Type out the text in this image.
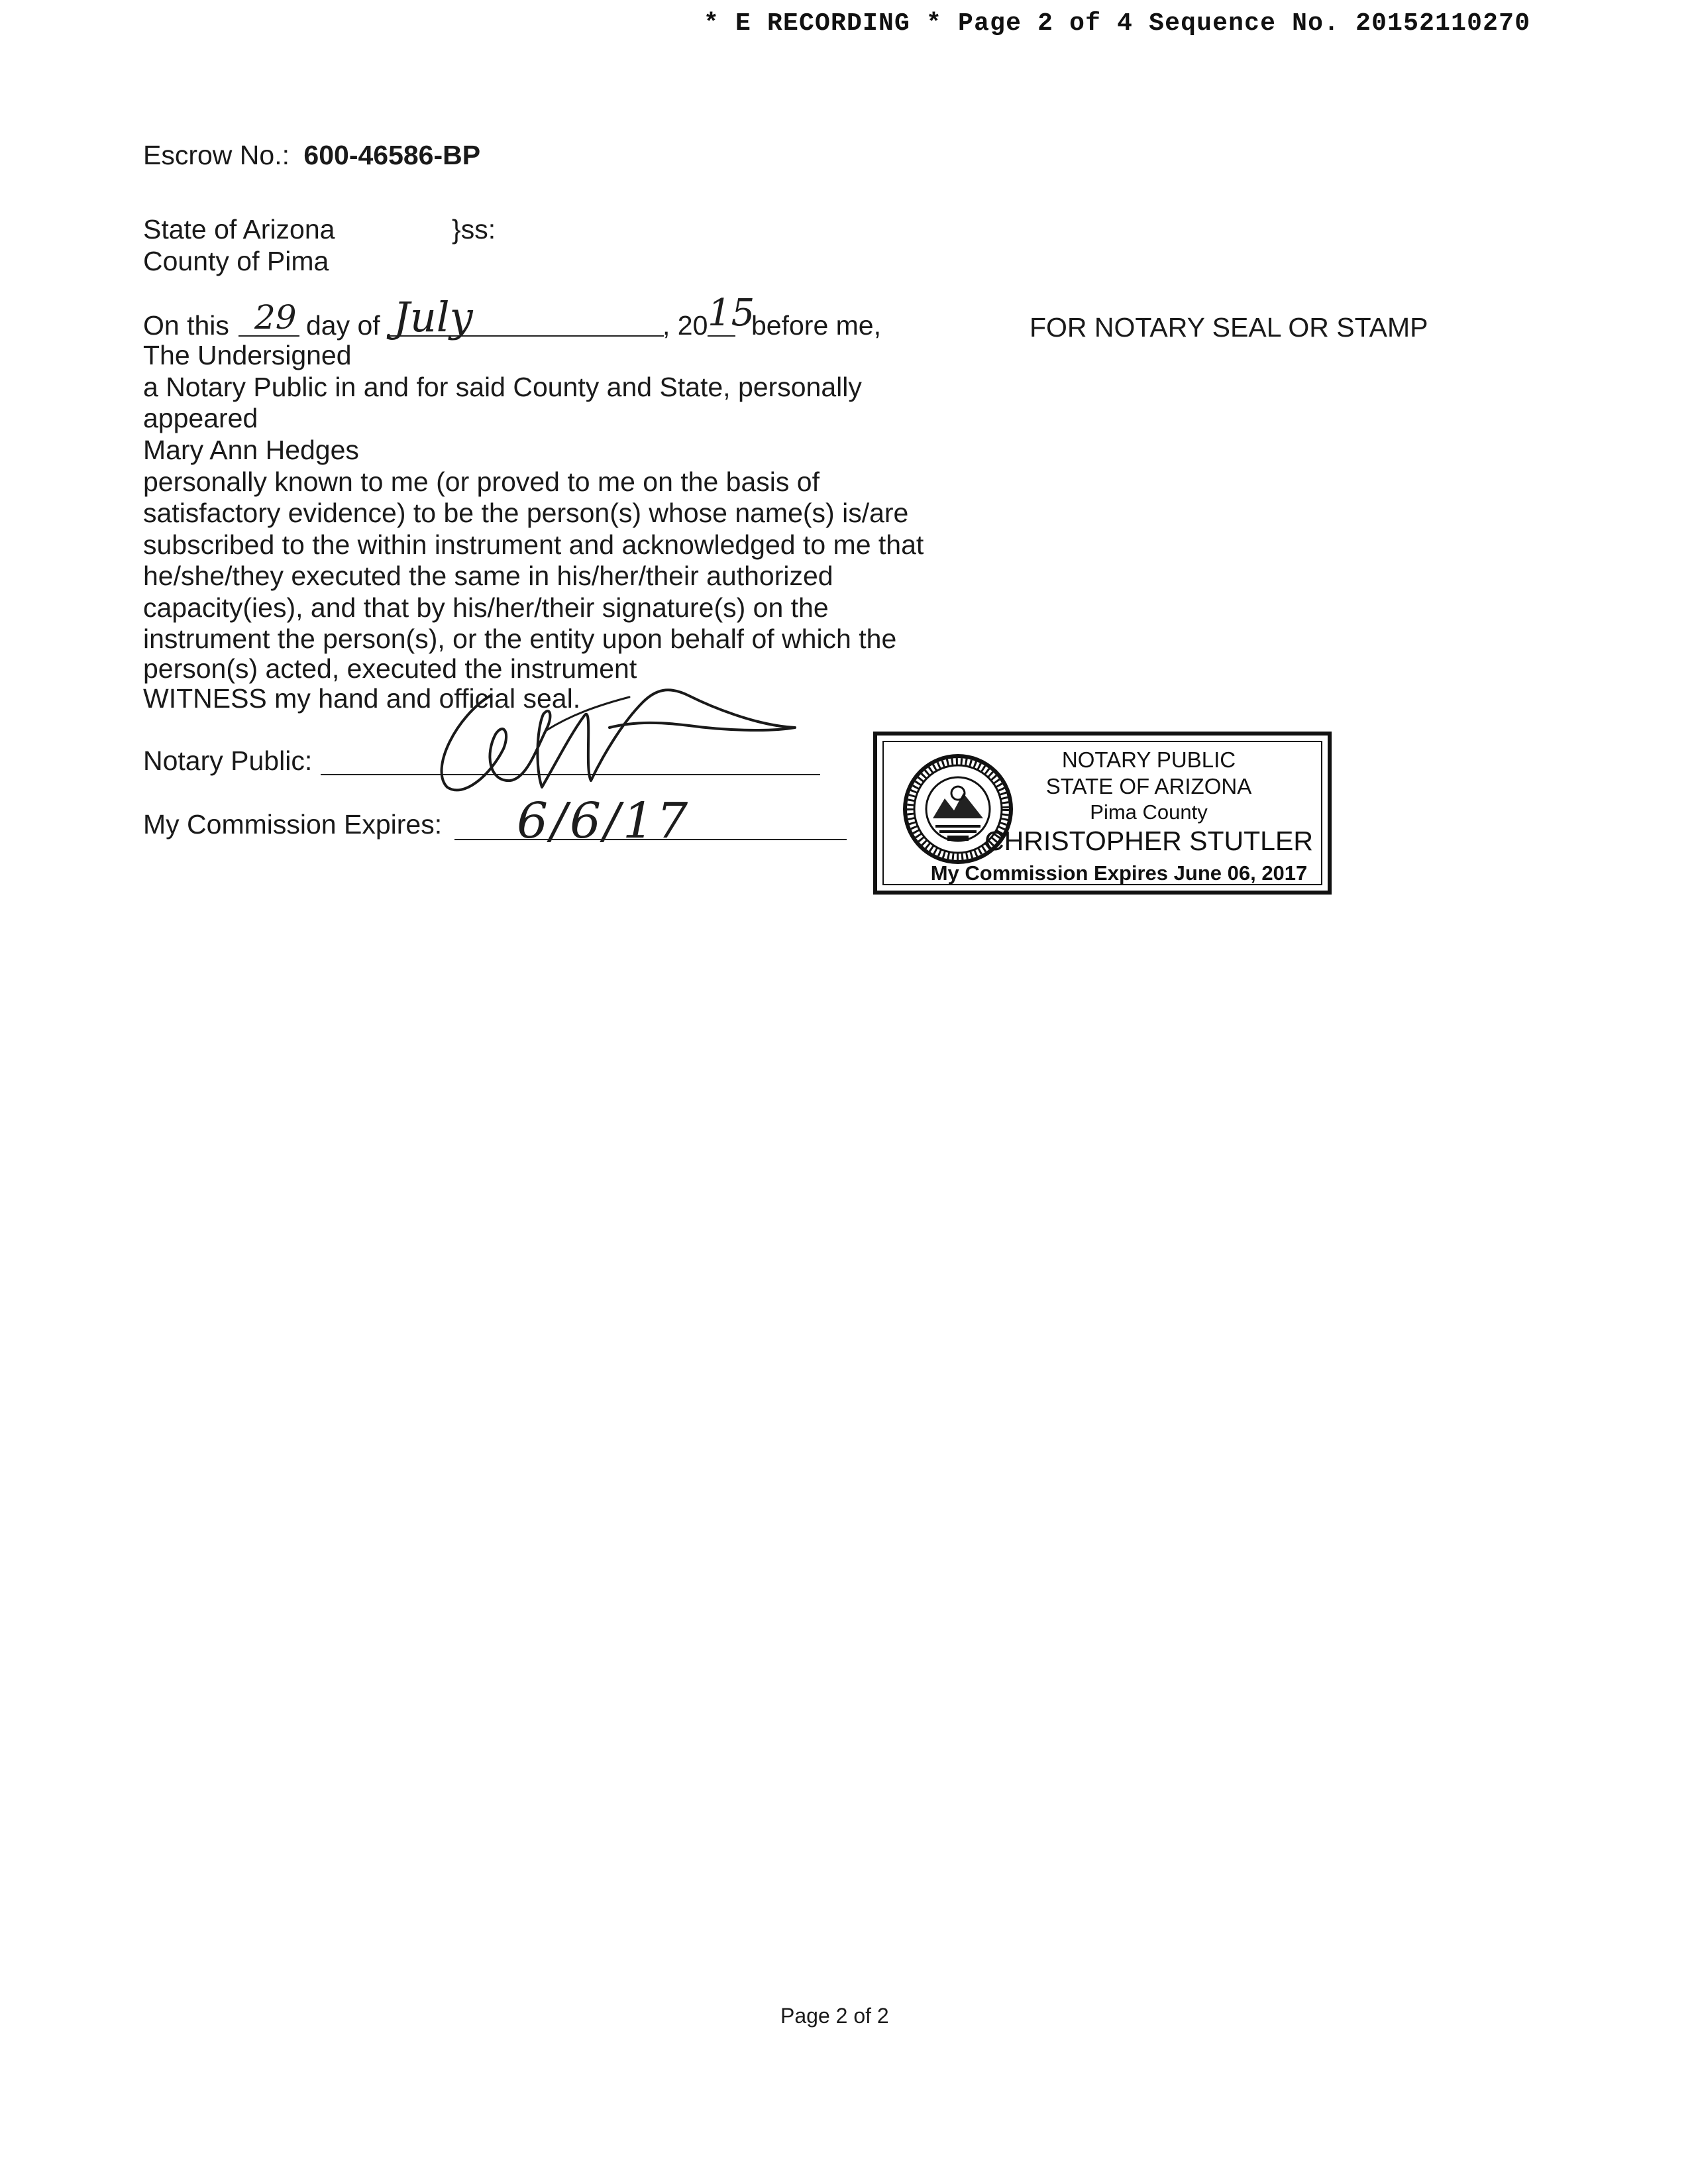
* E RECORDING * Page 2 of 4 Sequence No. 20152110270
Escrow No.: 600-46586-BP
State of Arizona	}ss:
County of Pima
On this 29 day of July	, 20 15
before me,	FOR NOTARY SEAL OR STAMP
The Undersigned
a Notary Public in and for said County and State, personally
appeared
Mary Ann Hedges
personally known to me (or proved to me on the basis of
satisfactory evidence) to be the person(s) whose name(s) is/are
subscribed to the within instrument and acknowledged to me that
he/she/they executed the same in his/her/their authorized
capacity(ies), and that by his/her/their signature(s) on the
instrument the person(s), or the entity upon behalf of which the
person(s) acted, executed the instrument
WITNESS my hand and official seal.
Notary Public:
My Commission Expires: 6/6/17
NOTARY PUBLIC
STATE OF ARIZONA
Pima County
CHRISTOPHER STUTLER
My Commission Expires June 06, 2017
Page 2 of 2
